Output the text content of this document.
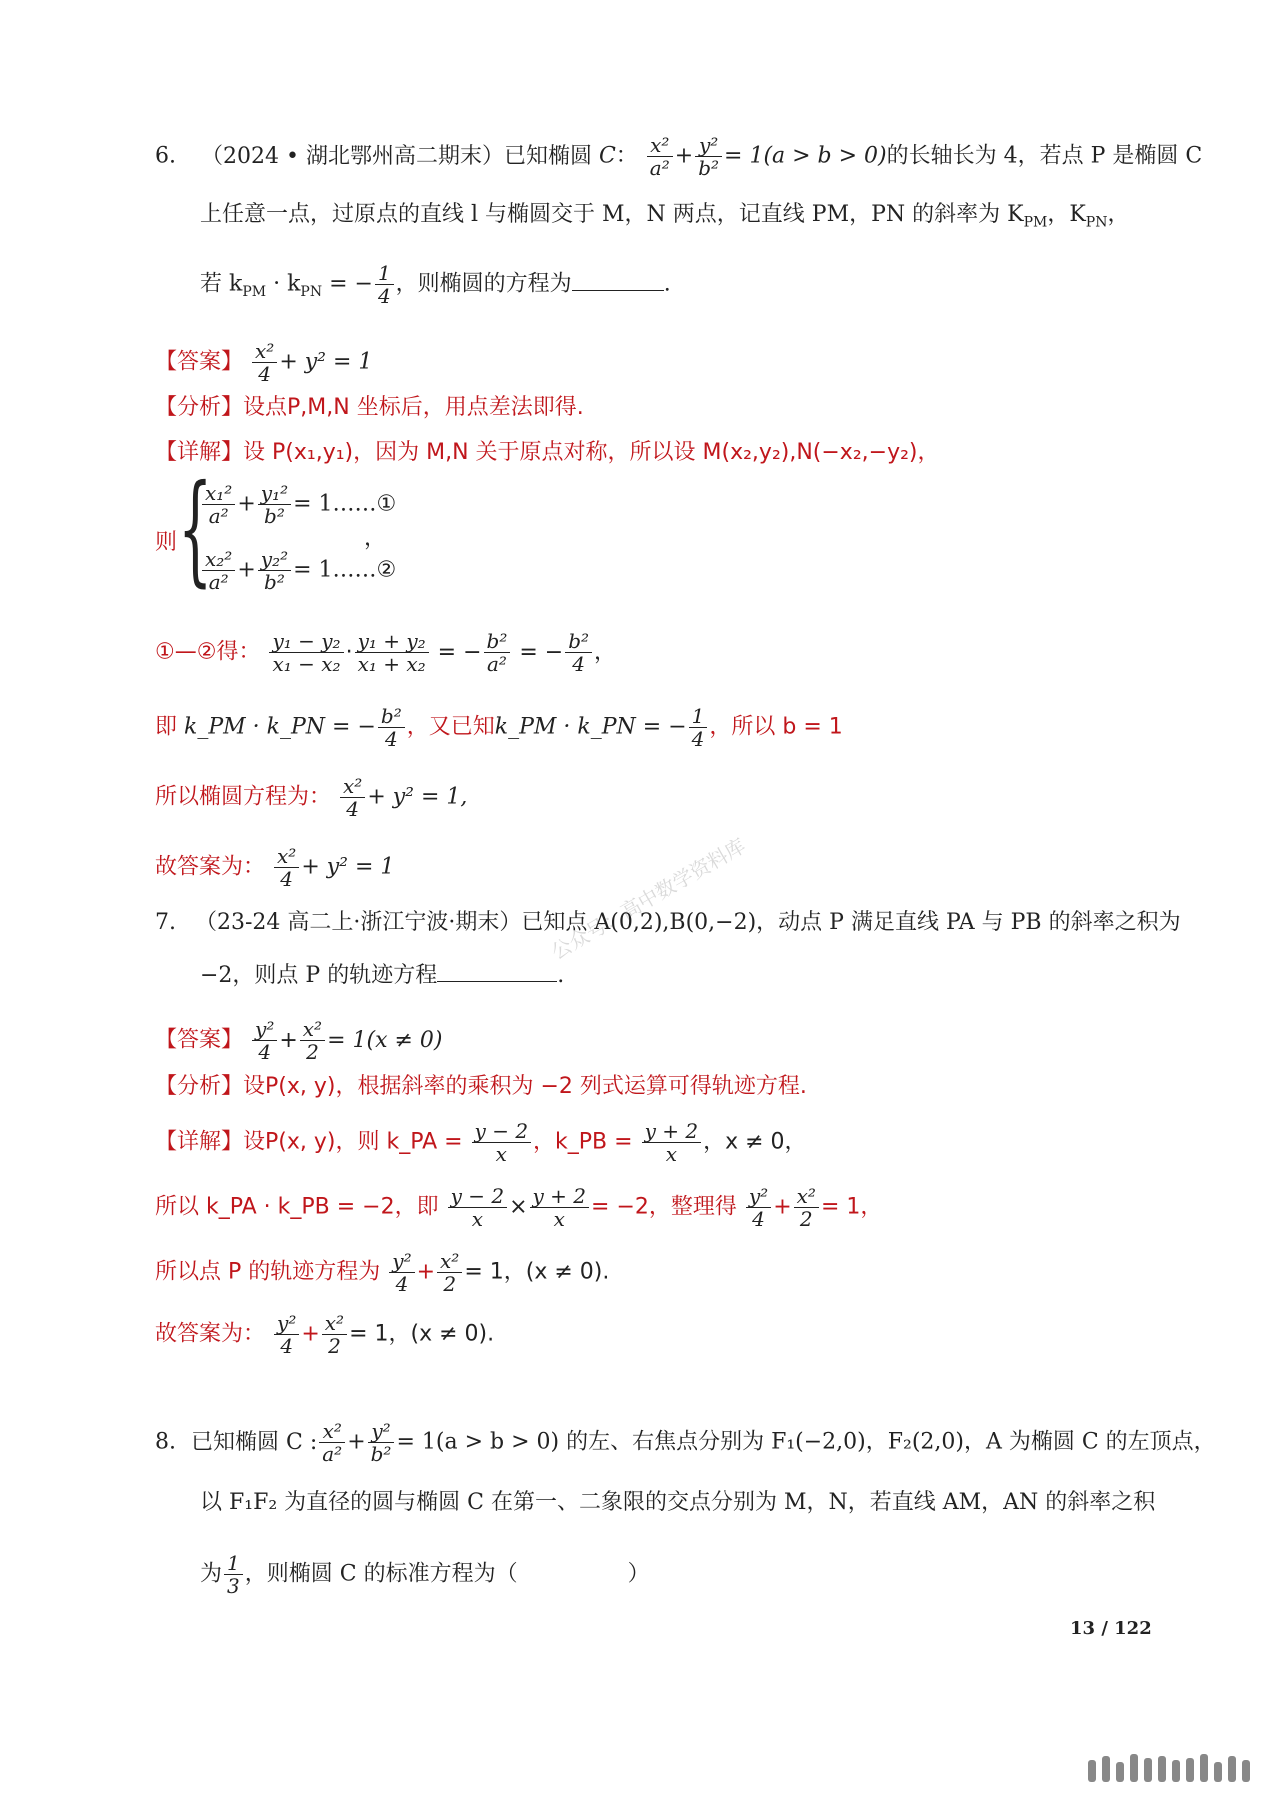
6. （2024 • 湖北鄂州高二期末）已知椭圆 C： $\frac{\text{x²}}{\text{a²}} + \frac{\text{y²}}{\text{b²}} = 1(a > b > 0)$的长轴长为 4，若点 P 是椭圆 C
上任意一点，过原点的直线 l 与椭圆交于 M，N 两点，记直线 PM，PN 的斜率为 $K_{PM}$，$K_{PN}$，
若 $k_{PM} \cdot k_{PN}$ = − $\frac{1}{4}$ ，则椭圆的方程为	.
【答案】 $\frac{\text{x²}}{4} + y^2 = 1$
【分析】设点P,M,N 坐标后，用点差法即得.
【详解】设 P(x₁,y₁)，因为 M,N 关于原点对称，所以设 M(x₂,y₂),N(−x₂,−y₂)，
则 {
$\frac{\text{x₁²}}{\text{a²}} + \frac{\text{y₁²}}{\text{b²}}$ = 1……①
$\frac{\text{x₂²}}{\text{a²}} + \frac{\text{y₂²}}{\text{b²}}$ = 1……②
，
①—②得： $\frac{\text{y₁ − y₂}}{\text{x₁ − x₂}} \cdot \frac{\text{y₁ + y₂}}{\text{x₁ + x₂}}$ = − $\frac{\text{b²}}{\text{a²}}$ = − $\frac{\text{b²}}{4}$ ，
即 k_PM · k_PN = − $\frac{\text{b²}}{4}$ ，又已知k_PM · k_PN = − $\frac{1}{4}$ ，所以 b = 1
所以椭圆方程为： $\frac{\text{x²}}{4} + y^2 = 1$,
故答案为： $\frac{\text{x²}}{4} + y^2 = 1$	公众号：高中数学资料库
7. （23-24 高二上·浙江宁波·期末）已知点 A(0,2),B(0,−2)，动点 P 满足直线 PA 与 PB 的斜率之积为
−2，则点 P 的轨迹方程	.
【答案】 $\frac{\text{y²}}{4} + \frac{\text{x²}}{2} = 1(x \ne 0)$
【分析】设P(x, y)，根据斜率的乘积为 −2 列式运算可得轨迹方程.
【详解】设P(x, y)，则 k_PA = $\frac{y - 2}{x}$ ，k_PB = $\frac{y + 2}{x}$ ，x ≠ 0，
所以 k_PA · k_PB = −2，即 $\frac{y - 2}{x} \times \frac{y + 2}{x} = -2$，整理得 $\frac{\text{y²}}{4} + \frac{\text{x²}}{2} = 1$，
所以点 P 的轨迹方程为 $\frac{\text{y²}}{4} + \frac{\text{x²}}{2} = 1$，(x ≠ 0).
故答案为： $\frac{\text{y²}}{4} + \frac{\text{x²}}{2} = 1$，(x ≠ 0).
8. 已知椭圆 C : $\frac{\text{x²}}{\text{a²}} + \frac{\text{y²}}{\text{b²}} = 1(a > b > 0)$ 的左、右焦点分别为 F₁(−2,0)，F₂(2,0)，A 为椭圆 C 的左顶点，
以 F₁F₂ 为直径的圆与椭圆 C 在第一、二象限的交点分别为 M，N，若直线 AM，AN 的斜率之积
为 $\frac{1}{3}$ ，则椭圆 C 的标准方程为（　　　　　）
13 / 122
